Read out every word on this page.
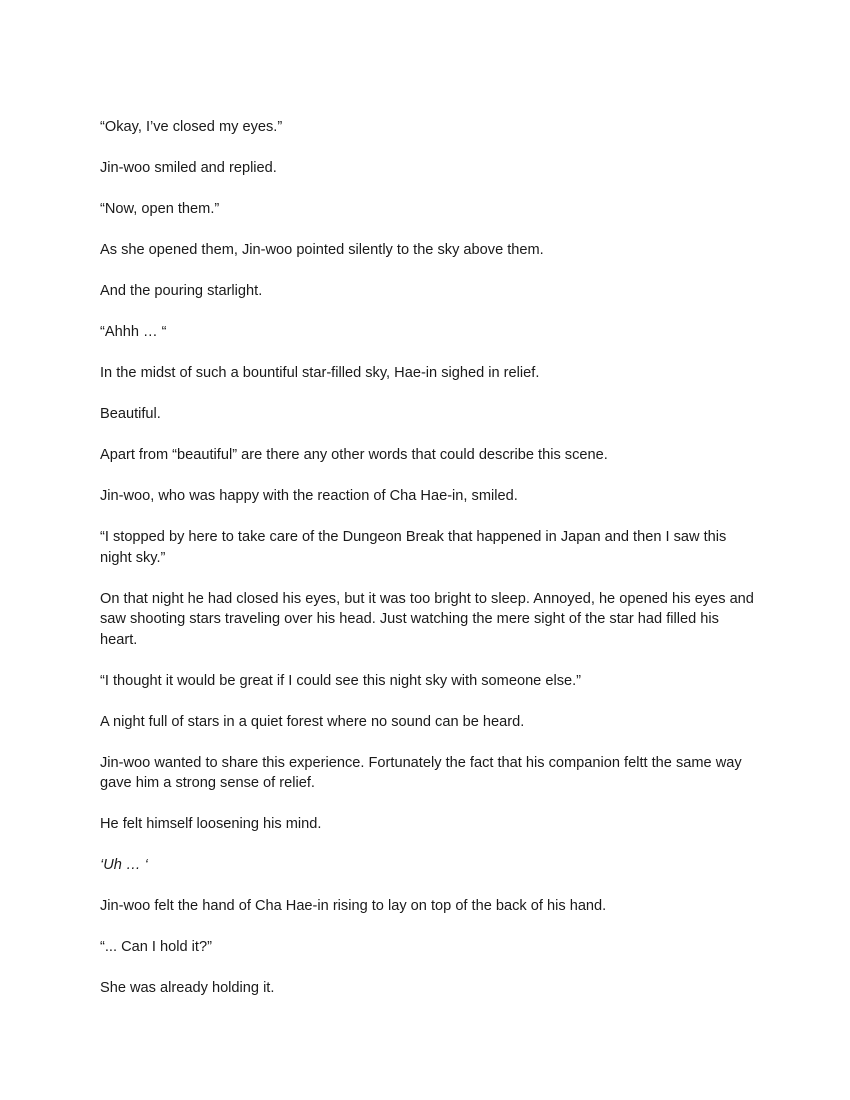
“Okay, I’ve closed my eyes.”

Jin-woo smiled and replied.

“Now, open them.”

As she opened them, Jin-woo pointed silently to the sky above them.

And the pouring starlight.

“Ahhh … “

In the midst of such a bountiful star-filled sky, Hae-in sighed in relief.

Beautiful.

Apart from “beautiful” are there any other words that could describe this scene.

Jin-woo, who was happy with the reaction of Cha Hae-in, smiled.

“I stopped by here to take care of the Dungeon Break that happened in Japan and then I saw this night sky.”

On that night he had closed his eyes, but it was too bright to sleep. Annoyed, he opened his eyes and saw shooting stars traveling over his head. Just watching the mere sight of the star had filled his heart.

“I thought it would be great if I could see this night sky with someone else.”

A night full of stars in a quiet forest where no sound can be heard.

Jin-woo wanted to share this experience. Fortunately the fact that his companion feltt the same way gave him a strong sense of relief.

He felt himself loosening his mind.

‘Uh … ‘

Jin-woo felt the hand of Cha Hae-in rising to lay on top of the back of his hand.

“... Can I hold it?”

She was already holding it.
